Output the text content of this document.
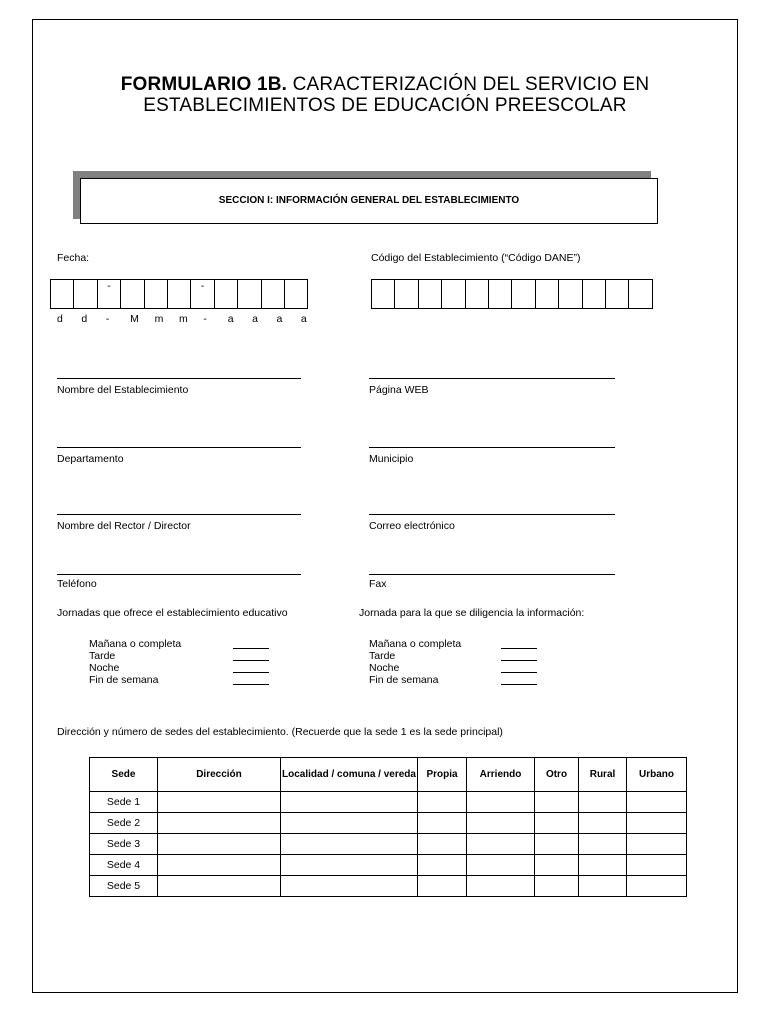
FORMULARIO 1B. CARACTERIZACIÓN DEL SERVICIO EN
ESTABLECIMIENTOS DE EDUCACIÓN PREESCOLAR
SECCION I: INFORMACIÓN GENERAL DEL ESTABLECIMIENTO
Fecha:
-	-
d	d	-	M	m	m	-	a	a	a	a
Código del Establecimiento (“Código DANE”)
Nombre del Establecimiento	Página WEB
Departamento	Municipio
Nombre del Rector / Director	Correo electrónico
Teléfono	Fax
Jornadas que ofrece el establecimiento educativo	Jornada para la que se diligencia la información:
Mañana o completa
Tarde
Noche
Fin de semana
Mañana o completa
Tarde
Noche
Fin de semana
Dirección y número de sedes del establecimiento. (Recuerde que la sede 1 es la sede principal)
Sede	Dirección	Localidad / comuna / vereda	Propia	Arriendo	Otro	Rural	Urbano
Sede 1							
Sede 2							
Sede 3							
Sede 4							
Sede 5							
